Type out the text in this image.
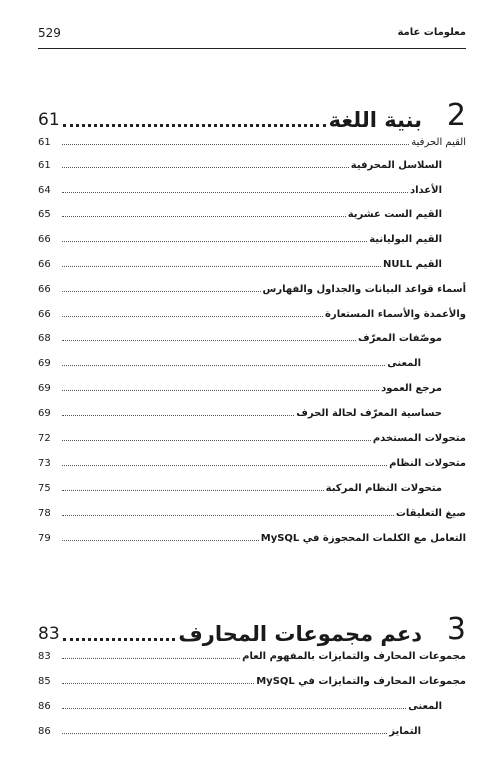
529	معلومات عامة
2
بنية اللغة
61
القيم الحرفية
61
السلاسل المحرفية
61
الأعداد
64
القيم الست عشرية
65
القيم البوليانية
66
القيم NULL
66
أسماء قواعد البيانات والجداول والفهارس
66
والأعمدة والأسماء المستعارة
66
موصّفات المعرّف
68
المعنى
69
مرجع العمود
69
حساسية المعرّف لحالة الحرف
69
متحولات المستخدم
72
متحولات النظام
73
متحولات النظام المركبة
75
صيغ التعليقات
78
التعامل مع الكلمات المحجوزة في MySQL
79
3
دعم مجموعات المحارف
83
مجموعات المحارف والتمايزات بالمفهوم العام
83
مجموعات المحارف والتمايزات في MySQL
85
المعنى
86
التمايز
86
